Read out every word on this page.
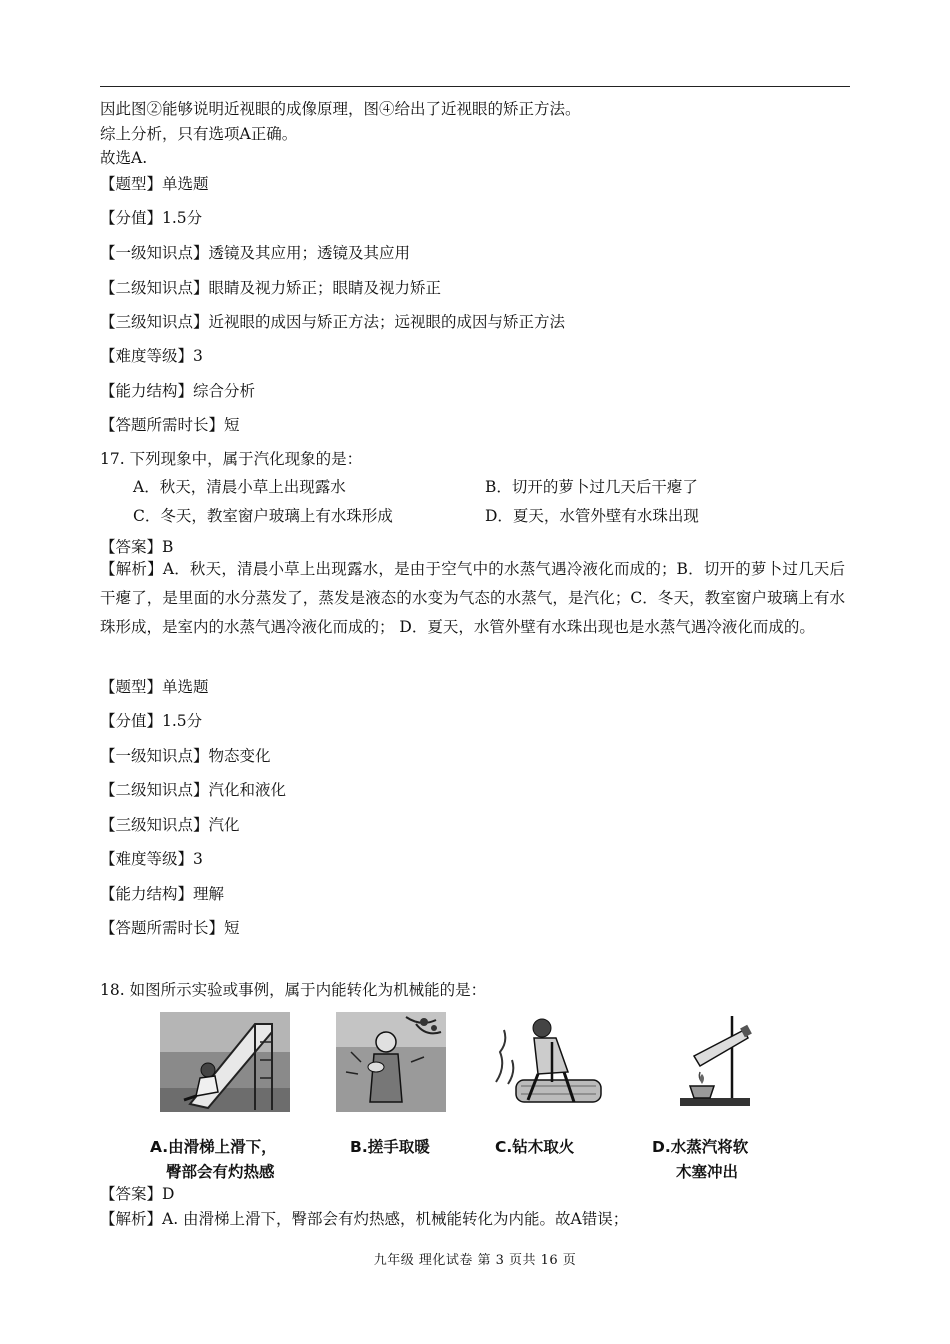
因此图②能够说明近视眼的成像原理，图④给出了近视眼的矫正方法。
综上分析，只有选项A正确。
故选A.
【题型】单选题
【分值】1.5分
【一级知识点】透镜及其应用；透镜及其应用
【二级知识点】眼睛及视力矫正；眼睛及视力矫正
【三级知识点】近视眼的成因与矫正方法；远视眼的成因与矫正方法
【难度等级】3
【能力结构】综合分析
【答题所需时长】短
17. 下列现象中，属于汽化现象的是：
A．秋天，清晨小草上出现露水	B．切开的萝卜过几天后干瘪了
C．冬天，教室窗户玻璃上有水珠形成	D．夏天，水管外壁有水珠出现
【答案】B
【解析】A．秋天，清晨小草上出现露水，是由于空气中的水蒸气遇冷液化而成的；B．切开的萝卜过几天后干瘪了，是里面的水分蒸发了，蒸发是液态的水变为气态的水蒸气，是汽化；C．冬天，教室窗户玻璃上有水珠形成，是室内的水蒸气遇冷液化而成的； D．夏天，水管外壁有水珠出现也是水蒸气遇冷液化而成的。
【题型】单选题
【分值】1.5分
【一级知识点】物态变化
【二级知识点】汽化和液化
【三级知识点】汽化
【难度等级】3
【能力结构】理解
【答题所需时长】短
18. 如图所示实验或事例，属于内能转化为机械能的是：
A.由滑梯上滑下，
臀部会有灼热感
B.搓手取暖	C.钻木取火	D.水蒸汽将软
木塞冲出
【答案】D
【解析】A. 由滑梯上滑下，臀部会有灼热感，机械能转化为内能。故A错误；
九年级 理化试卷 第 3 页共 16 页
